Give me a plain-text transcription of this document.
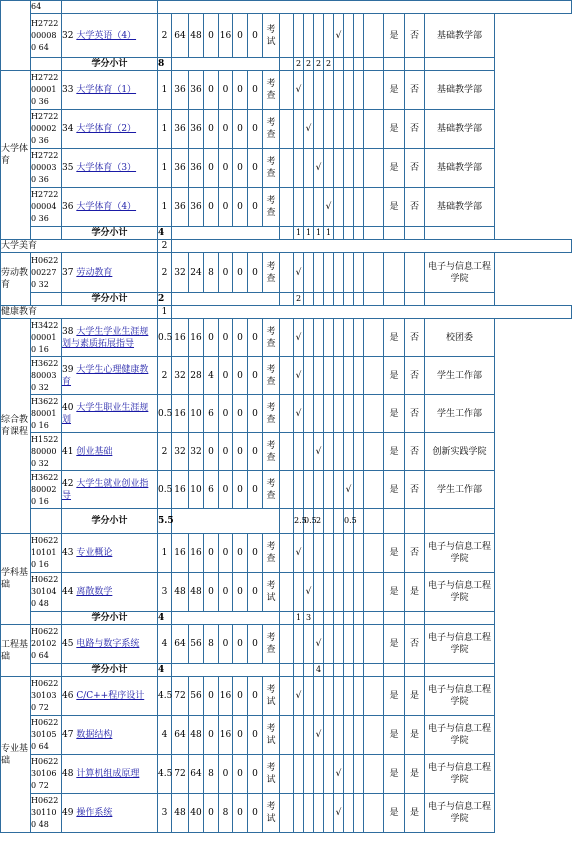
	64																					
	H2722000080 64	32 大学英语（4）	2	64	48	0	16	0	0	考试						√				是	否	基础教学部
		学分小计	8									2	2	2	2							
大学体育	H2722000010 36	33 大学体育（1）	1	36	36	0	0	0	0	考查		√								是	否	基础教学部
	H2722000020 36	34 大学体育（2）	1	36	36	0	0	0	0	考查			√							是	否	基础教学部
	H2722000030 36	35 大学体育（3）	1	36	36	0	0	0	0	考查				√						是	否	基础教学部
	H2722000040 36	36 大学体育（4）	1	36	36	0	0	0	0	考查					√					是	否	基础教学部
		学分小计	4									1	1	1	1							
大学美育			2																			
劳动教育	H0622002270 32	37 劳动教育	2	32	24	8	0	0	0	考查		√										电子与信息工程学院
		学分小计	2									2										
健康教育			1																			
综合教育课程	H3422000010 16	38 大学生学业生涯规划与素质拓展指导	0.5	16	16	0	0	0	0	考查		√								是	否	校团委
	H3622800030 32	39 大学生心理健康教育	2	32	28	4	0	0	0	考查		√								是	否	学生工作部
	H3622800010 16	40 大学生职业生涯规划	0.5	16	10	6	0	0	0	考查		√								是	否	学生工作部
	H1522800000 32	41 创业基础	2	32	32	0	0	0	0	考查				√						是	否	创新实践学院
	H3622800020 16	42 大学生就业创业指导	0.5	16	10	6	0	0	0	考查							√			是	否	学生工作部
		学分小计	5.5									2.5	0.5	2			0.5					
学科基础	H0622101010 16	43 专业概论	1	16	16	0	0	0	0	考查		√								是	否	电子与信息工程学院
	H0622301040 48	44 离散数学	3	48	48	0	0	0	0	考试			√							是	是	电子与信息工程学院
		学分小计	4									1	3									
工程基础	H0622201020 64	45 电路与数字系统	4	64	56	8	0	0	0	考查				√						是	否	电子与信息工程学院
		学分小计	4											4								
专业基础	H0622301030 72	46 C/C++程序设计	4.5	72	56	0	16	0	0	考试		√								是	是	电子与信息工程学院
	H0622301050 64	47 数据结构	4	64	48	0	16	0	0	考试				√						是	是	电子与信息工程学院
	H0622301060 72	48 计算机组成原理	4.5	72	64	8	0	0	0	考试						√				是	是	电子与信息工程学院
	H0622301100 48	49 操作系统	3	48	40	0	8	0	0	考试						√				是	是	电子与信息工程学院
